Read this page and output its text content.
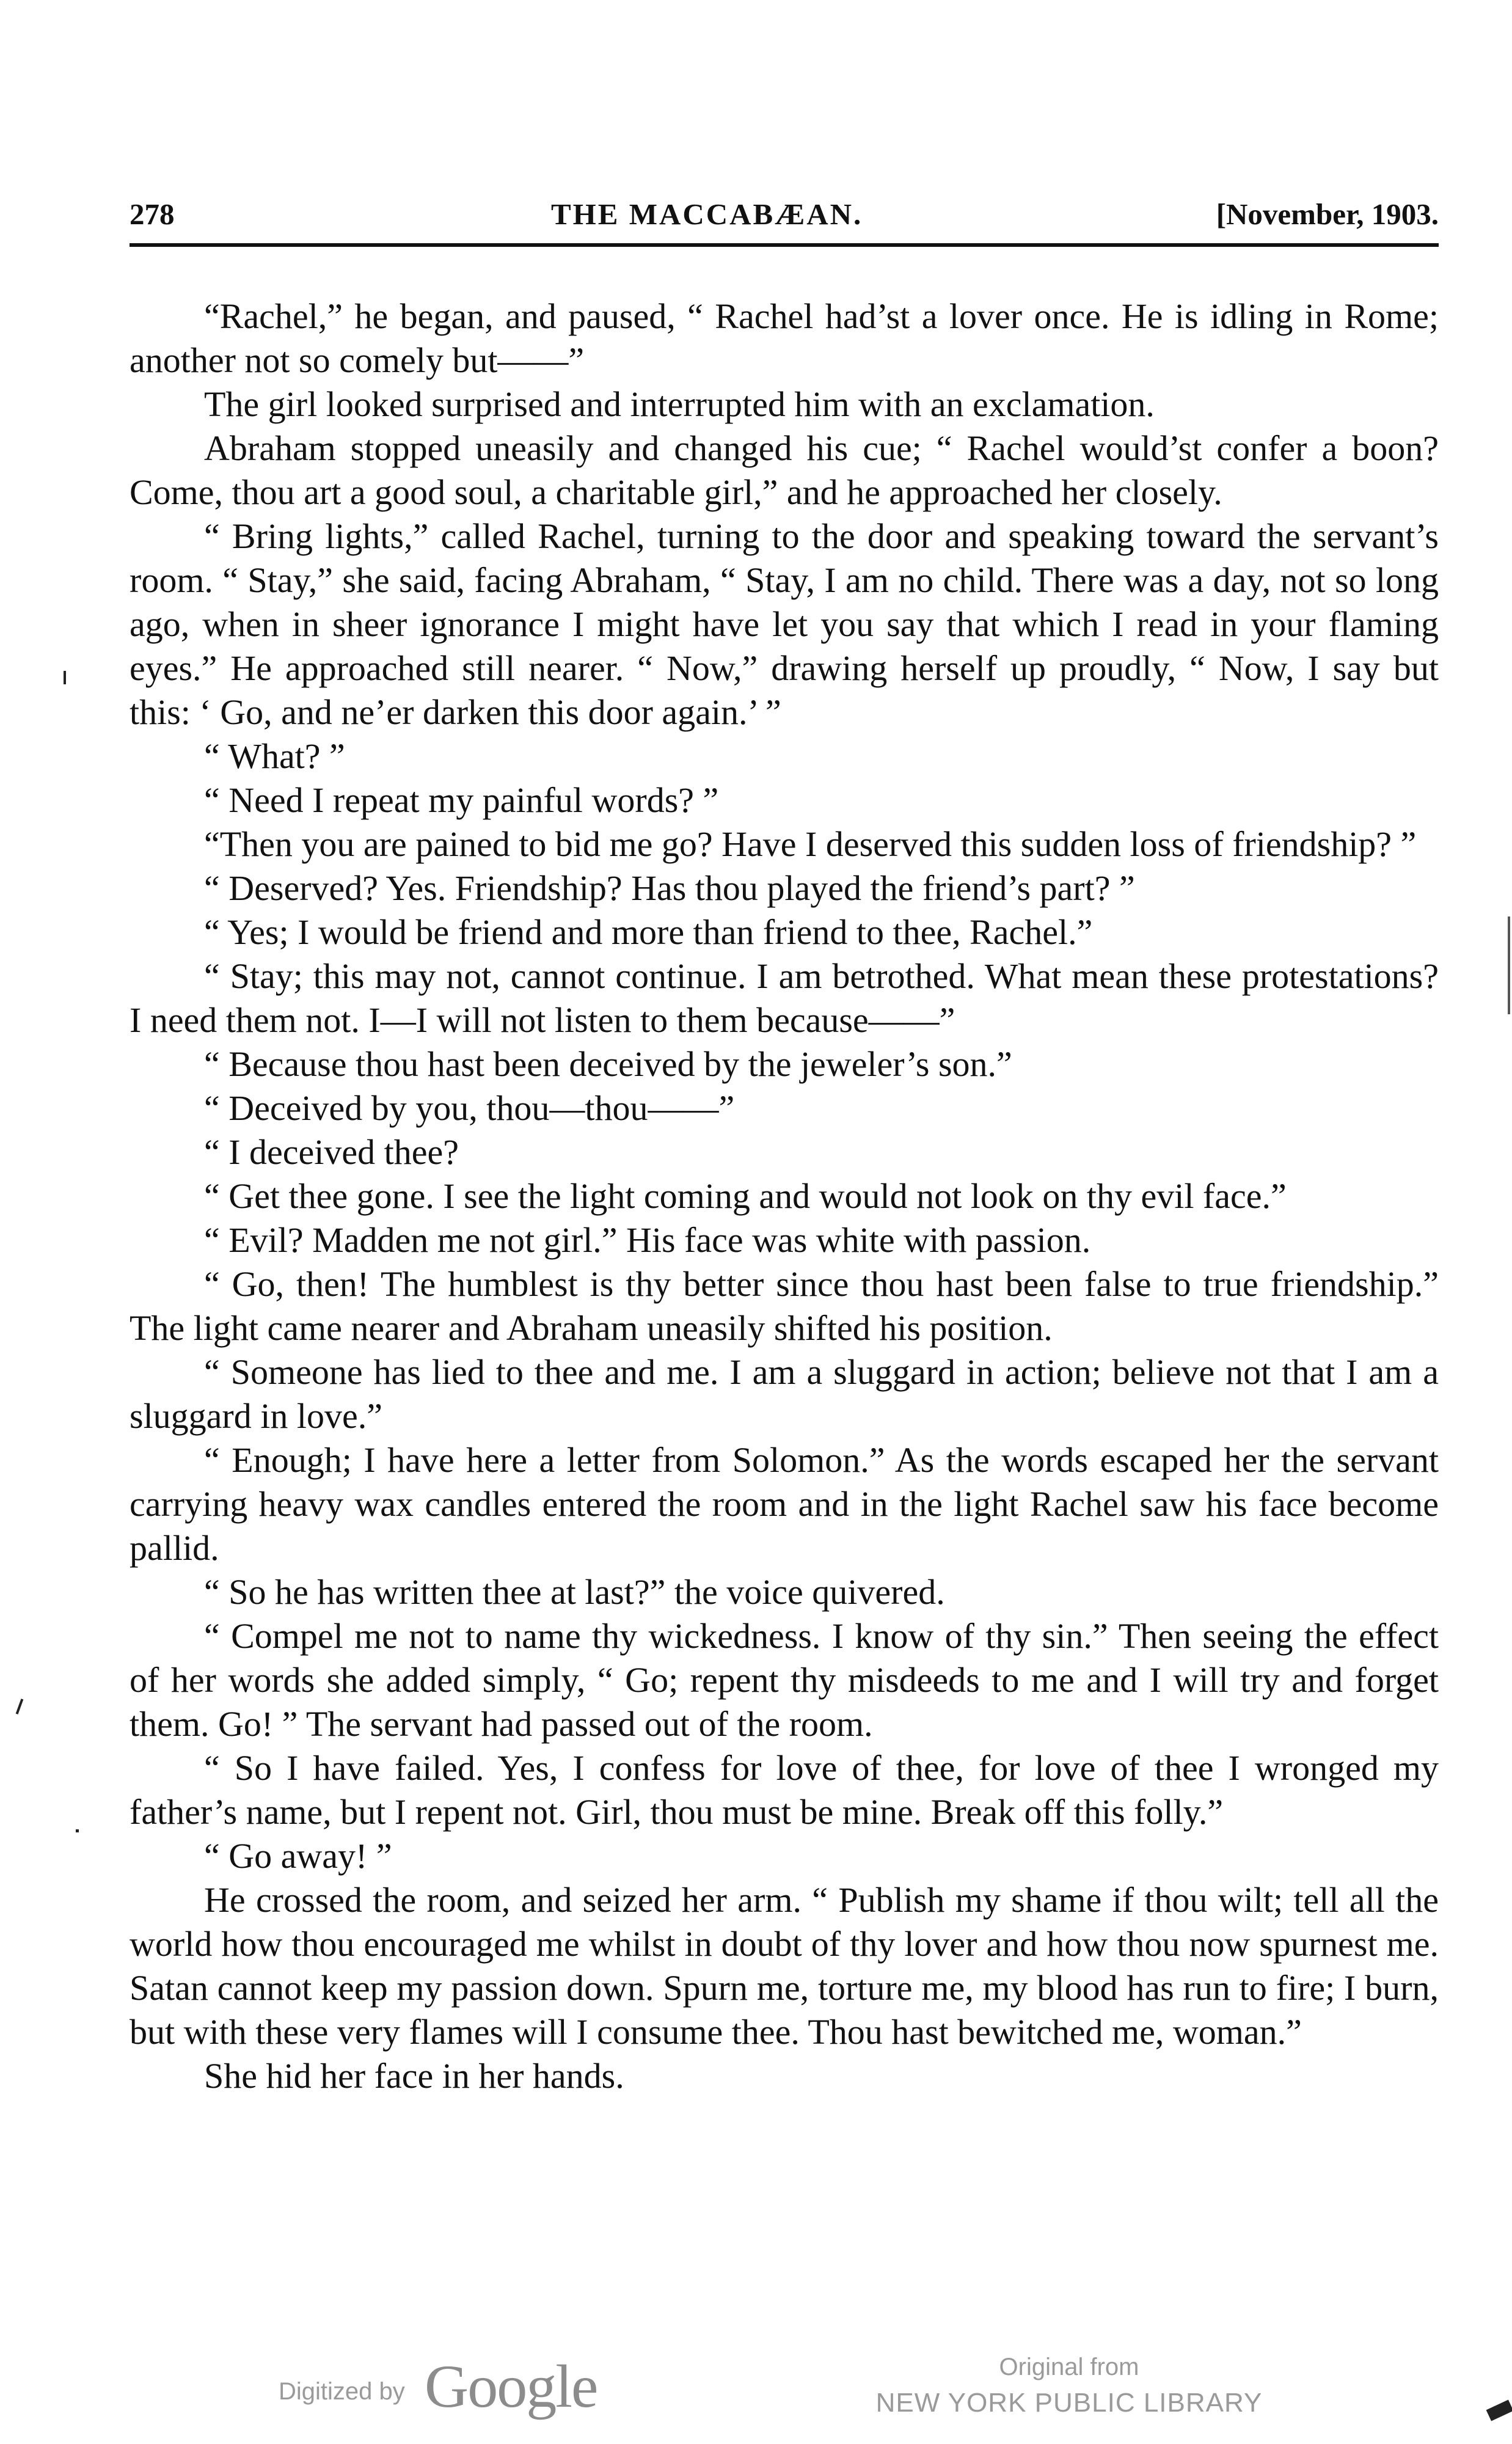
278	THE MACCABÆAN.	[November, 1903.

“Rachel,” he began, and paused, “ Rachel had’st a lover once. He is idling in Rome; another not so comely but——”

The girl looked surprised and interrupted him with an exclamation.

Abraham stopped uneasily and changed his cue; “ Rachel would’st confer a boon? Come, thou art a good soul, a charitable girl,” and he approached her closely.

“ Bring lights,” called Rachel, turning to the door and speaking toward the servant’s room. “ Stay,” she said, facing Abraham, “ Stay, I am no child. There was a day, not so long ago, when in sheer ignorance I might have let you say that which I read in your flaming eyes.” He approached still nearer. “ Now,” drawing herself up proudly, “ Now, I say but this: ‘ Go, and ne’er darken this door again.’ ”

“ What? ”

“ Need I repeat my painful words? ”

“Then you are pained to bid me go? Have I deserved this sudden loss of friendship? ”

“ Deserved? Yes. Friendship? Has thou played the friend’s part? ”

“ Yes; I would be friend and more than friend to thee, Rachel.”

“ Stay; this may not, cannot continue. I am betrothed. What mean these protestations? I need them not. I—I will not listen to them because——”

“ Because thou hast been deceived by the jeweler’s son.”

“ Deceived by you, thou—thou——”

“ I deceived thee?

“ Get thee gone. I see the light coming and would not look on thy evil face.”

“ Evil? Madden me not girl.” His face was white with passion.

“ Go, then! The humblest is thy better since thou hast been false to true friendship.” The light came nearer and Abraham uneasily shifted his position.

“ Someone has lied to thee and me. I am a sluggard in action; believe not that I am a sluggard in love.”

“ Enough; I have here a letter from Solomon.” As the words escaped her the servant carrying heavy wax candles entered the room and in the light Rachel saw his face become pallid.

“ So he has written thee at last?” the voice quivered.

“ Compel me not to name thy wickedness. I know of thy sin.” Then seeing the effect of her words she added simply, “ Go; repent thy misdeeds to me and I will try and forget them. Go! ” The servant had passed out of the room.

“ So I have failed. Yes, I confess for love of thee, for love of thee I wronged my father’s name, but I repent not. Girl, thou must be mine. Break off this folly.”

“ Go away! ”

He crossed the room, and seized her arm. “ Publish my shame if thou wilt; tell all the world how thou encouraged me whilst in doubt of thy lover and how thou now spurnest me. Satan cannot keep my passion down. Spurn me, torture me, my blood has run to fire; I burn, but with these very flames will I consume thee. Thou hast bewitched me, woman.”

She hid her face in her hands.

Digitized by Google	Original from
NEW YORK PUBLIC LIBRARY
